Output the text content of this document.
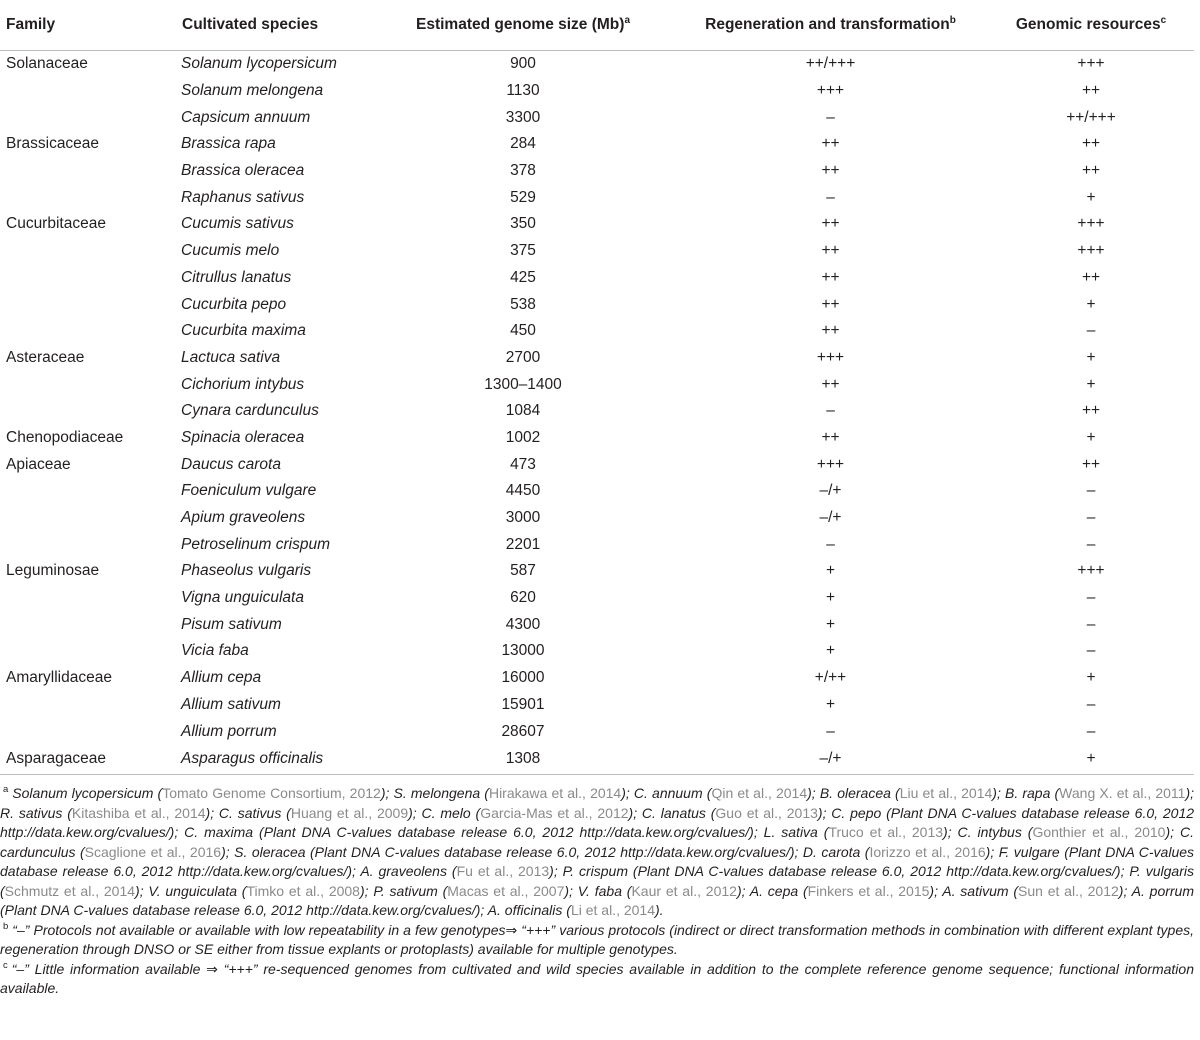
Family	Cultivated species	Estimated genome size $(Mb)^a$	Regeneration and transformation$^b$	Genomic resources$^c$
Solanaceae	Solanum lycopersicum	900	++/+++	+++
	Solanum melongena	1130	+++	++
	Capsicum annuum	3300	–	++/+++
Brassicaceae	Brassica rapa	284	++	++
	Brassica oleracea	378	++	++
	Raphanus sativus	529	–	+
Cucurbitaceae	Cucumis sativus	350	++	+++
	Cucumis melo	375	++	+++
	Citrullus lanatus	425	++	++
	Cucurbita pepo	538	++	+
	Cucurbita maxima	450	++	–
Asteraceae	Lactuca sativa	2700	+++	+
	Cichorium intybus	1300–1400	++	+
	Cynara cardunculus	1084	–	++
Chenopodiaceae	Spinacia oleracea	1002	++	+
Apiaceae	Daucus carota	473	+++	++
	Foeniculum vulgare	4450	–/+	–
	Apium graveolens	3000	–/+	–
	Petroselinum crispum	2201	–	–
Leguminosae	Phaseolus vulgaris	587	+	+++
	Vigna unguiculata	620	+	–
	Pisum sativum	4300	+	–
	Vicia faba	13000	+	–
Amaryllidaceae	Allium cepa	16000	+/++	+
	Allium sativum	15901	+	–
	Allium porrum	28607	–	–
Asparagaceae	Asparagus officinalis	1308	–/+	+

$^a$ Solanum lycopersicum (Tomato Genome Consortium, 2012); S. melongena (Hirakawa et al., 2014); C. annuum (Qin et al., 2014); B. oleracea (Liu et al., 2014); B. rapa (Wang X. et al., 2011); R. sativus (Kitashiba et al., 2014); C. sativus (Huang et al., 2009); C. melo (Garcia-Mas et al., 2012); C. lanatus (Guo et al., 2013); C. pepo (Plant DNA C-values database release 6.0, 2012 http://data.kew.org/cvalues/); C. maxima (Plant DNA C-values database release 6.0, 2012 http://data.kew.org/cvalues/); L. sativa (Truco et al., 2013); C. intybus (Gonthier et al., 2010); C. cardunculus (Scaglione et al., 2016); S. oleracea (Plant DNA C-values database release 6.0, 2012 http://data.kew.org/cvalues/); D. carota (Iorizzo et al., 2016); F. vulgare (Plant DNA C-values database release 6.0, 2012 http://data.kew.org/cvalues/); A. graveolens (Fu et al., 2013); P. crispum (Plant DNA C-values database release 6.0, 2012 http://data.kew.org/cvalues/); P. vulgaris (Schmutz et al., 2014); V. unguiculata (Timko et al., 2008); P. sativum (Macas et al., 2007); V. faba (Kaur et al., 2012); A. cepa (Finkers et al., 2015); A. sativum (Sun et al., 2012); A. porrum (Plant DNA C-values database release 6.0, 2012 http://data.kew.org/cvalues/); A. officinalis (Li et al., 2014).

$^b$ “–” Protocols not available or available with low repeatability in a few genotypes⇒ “+++” various protocols (indirect or direct transformation methods in combination with different explant types, regeneration through DNSO or SE either from tissue explants or protoplasts) available for multiple genotypes.

$^c$ “–” Little information available ⇒ “+++” re-sequenced genomes from cultivated and wild species available in addition to the complete reference genome sequence; functional information available.
